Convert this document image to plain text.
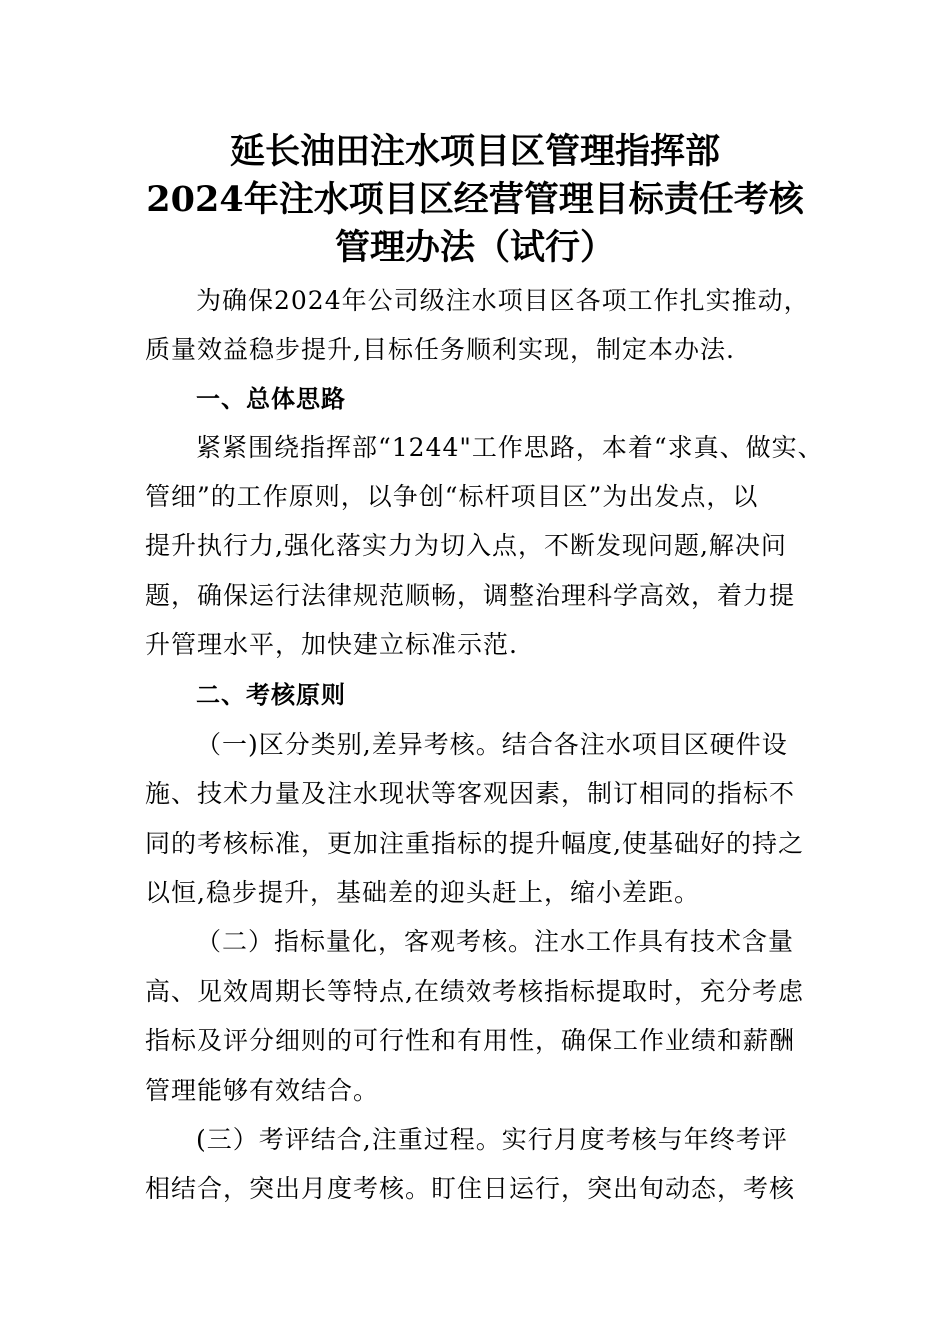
延长油田注水项目区管理指挥部
2024年注水项目区经营管理目标责任考核
管理办法（试行）
为确保2024年公司级注水项目区各项工作扎实推动，
质量效益稳步提升,目标任务顺利实现，制定本办法.
一、总体思路
紧紧围绕指挥部“1244"工作思路，本着“求真、做实、
管细”的工作原则，以争创“标杆项目区”为出发点，以
提升执行力,强化落实力为切入点，不断发现问题,解决问
题，确保运行法律规范顺畅，调整治理科学高效，着力提
升管理水平，加快建立标准示范.
二、考核原则
（一)区分类别,差异考核。结合各注水项目区硬件设
施、技术力量及注水现状等客观因素，制订相同的指标不
同的考核标准，更加注重指标的提升幅度,使基础好的持之
以恒,稳步提升，基础差的迎头赶上，缩小差距。
（二）指标量化，客观考核。注水工作具有技术含量
高、见效周期长等特点,在绩效考核指标提取时，充分考虑
指标及评分细则的可行性和有用性，确保工作业绩和薪酬
管理能够有效结合。
(三）考评结合,注重过程。实行月度考核与年终考评
相结合，突出月度考核。盯住日运行，突出旬动态，考核
